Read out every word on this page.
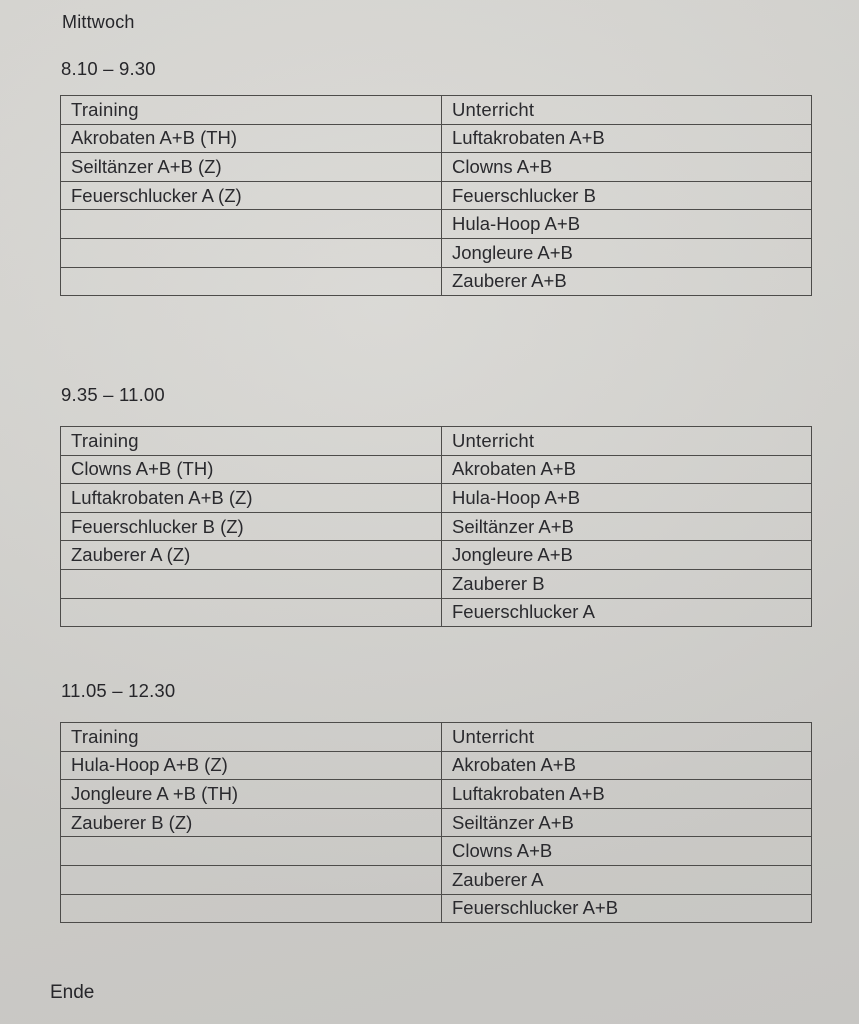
Mittwoch
8.10 – 9.30
Training	Unterricht
Akrobaten A+B (TH)	Luftakrobaten A+B
Seiltänzer A+B (Z)	Clowns A+B
Feuerschlucker A (Z)	Feuerschlucker B
	Hula-Hoop A+B
	Jongleure A+B
	Zauberer A+B
9.35 – 11.00
Training	Unterricht
Clowns A+B (TH)	Akrobaten A+B
Luftakrobaten A+B (Z)	Hula-Hoop A+B
Feuerschlucker B (Z)	Seiltänzer A+B
Zauberer A (Z)	Jongleure A+B
	Zauberer B
	Feuerschlucker A
11.05 – 12.30
Training	Unterricht
Hula-Hoop A+B (Z)	Akrobaten A+B
Jongleure A +B (TH)	Luftakrobaten A+B
Zauberer B (Z)	Seiltänzer A+B
	Clowns A+B
	Zauberer A
	Feuerschlucker A+B
Ende
